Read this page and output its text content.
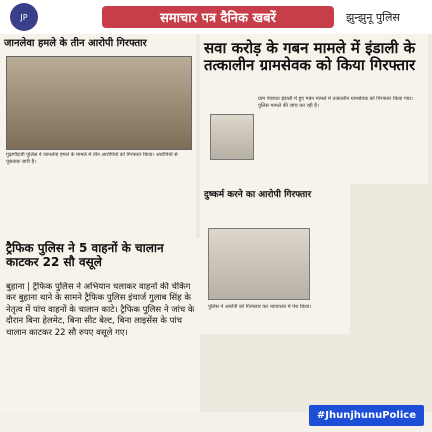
JP	समाचार पत्र दैनिक खबरें	झुन्झुनू पुलिस
जानलेवा हमले के तीन आरोपी गिरफ्तार
गुढ़ागौड़जी पुलिस ने जानलेवा हमले के मामले में तीन आरोपियों को गिरफ्तार किया। आरोपियों से पूछताछ जारी है।
सवा करोड़ के गबन मामले में इंडाली के तत्कालीन ग्रामसेवक को किया गिरफ्तार
ग्राम पंचायत इंडाली में हुए गबन मामले में तत्कालीन ग्रामसेवक को गिरफ्तार किया गया। पुलिस मामले की जांच कर रही है।
दुष्कर्म करने का आरोपी गिरफ्तार
पुलिस ने आरोपी को गिरफ्तार कर न्यायालय में पेश किया।
ट्रैफिक पुलिस ने 5 वाहनों के चालान काटकर 22 सौ वसूले
बुहाना | ट्रैफिक पुलिस ने अभियान चलाकर वाहनों की चेकिंग कर बुहाना थाने के सामने ट्रैफिक पुलिस इंचार्ज गुलाब सिंह के नेतृत्व में पांच वाहनों के चालान काटे। ट्रैफिक पुलिस ने जांच के दौरान बिना हेलमेट, बिना सीट बेल्ट, बिना लाइसेंस के पांच चालान काटकर 22 सौ रुपए वसूले गए।
#JhunjhunuPolice
